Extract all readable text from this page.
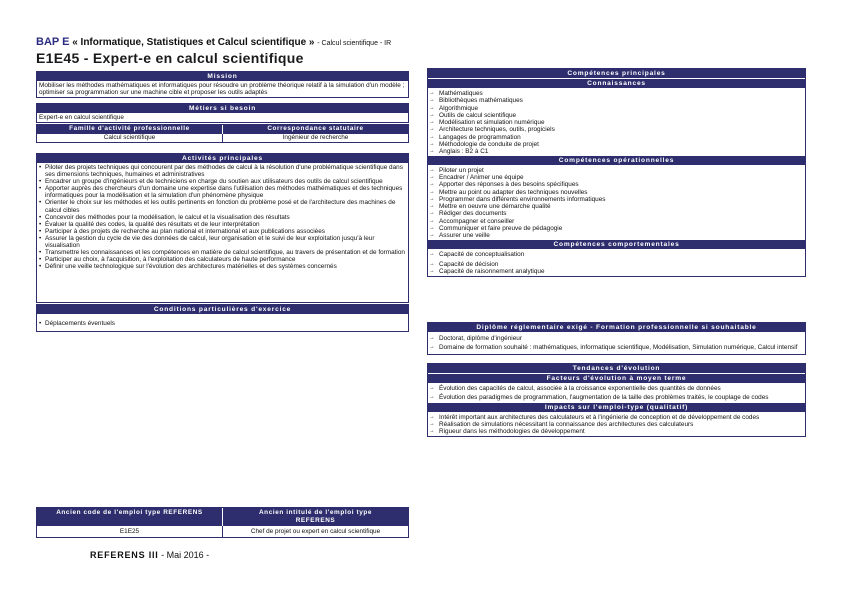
BAP E « Informatique, Statistiques et Calcul scientifique » - Calcul scientifique - IR
E1E45 - Expert-e en calcul scientifique
Mission
Mobiliser les méthodes mathématiques et informatiques pour résoudre un problème théorique relatif à la simulation d'un modèle ; optimiser sa programmation sur une machine cible et proposer les outils adaptés
Métiers si besoin
Expert-e en calcul scientifique
Famille d'activité professionnelle	Correspondance statutaire
Calcul scientifique	Ingénieur de recherche
Activités principales
• Piloter des projets techniques qui concourent par des méthodes de calcul à la résolution d'une problématique scientifique dans ses dimensions techniques, humaines et administratives
• Encadrer un groupe d'ingénieurs et de techniciens en charge du soutien aux utilisateurs des outils de calcul scientifique
• Apporter auprès des chercheurs d'un domaine une expertise dans l'utilisation des méthodes mathématiques et des techniques informatiques pour la modélisation et la simulation d'un phénomène physique
• Orienter le choix sur les méthodes et les outils pertinents en fonction du problème posé et de l'architecture des machines de calcul cibles
• Concevoir des méthodes pour la modélisation, le calcul et la visualisation des résultats
• Évaluer la qualité des codes, la qualité des résultats et de leur interprétation
• Participer à des projets de recherche au plan national et international et aux publications associées
• Assurer la gestion du cycle de vie des données de calcul, leur organisation et le suivi de leur exploitation jusqu'à leur visualisation
• Transmettre les connaissances et les compétences en matière de calcul scientifique, au travers de présentation et de formation
• Participer au choix, à l'acquisition, à l'exploitation des calculateurs de haute performance
• Définir une veille technologique sur l'évolution des architectures matérielles et des systèmes concernés
Conditions particulières d'exercice
• Déplacements éventuels
Ancien code de l'emploi type REFERENS	Ancien intitulé de l'emploi type REFERENS
E1E25	Chef de projet ou expert en calcul scientifique
Compétences principales
Connaissances
→ Mathématiques
→ Bibliothèques mathématiques
→ Algorithmique
→ Outils de calcul scientifique
→ Modélisation et simulation numérique
→ Architecture techniques, outils, progiciels
→ Langages de programmation
→ Méthodologie de conduite de projet
→ Anglais : B2 à C1
Compétences opérationnelles
→ Piloter un projet
→ Encadrer / Animer une équipe
→ Apporter des réponses à des besoins spécifiques
→ Mettre au point ou adapter des techniques nouvelles
→ Programmer dans différents environnements informatiques
→ Mettre en oeuvre une démarche qualité
→ Rédiger des documents
→ Accompagner et conseiller
→ Communiquer et faire preuve de pédagogie
→ Assurer une veille
Compétences comportementales
→ Capacité de conceptualisation
→ Capacité de décision
→ Capacité de raisonnement analytique
Diplôme réglementaire exigé - Formation professionnelle si souhaitable
→ Doctorat, diplôme d'ingénieur
→ Domaine de formation souhaité : mathématiques, informatique scientifique, Modélisation, Simulation numérique, Calcul intensif
Tendances d'évolution
Facteurs d'évolution à moyen terme
→ Évolution des capacités de calcul, associée à la croissance exponentielle des quantités de données
→ Évolution des paradigmes de programmation, l'augmentation de la taille des problèmes traités, le couplage de codes
Impacts sur l'emploi-type (qualitatif)
→ Intérêt important aux architectures des calculateurs et à l'ingénierie de conception et de développement de codes
→ Réalisation de simulations nécessitant la connaissance des architectures des calculateurs
→ Rigueur dans les méthodologies de développement
REFERENS III - Mai 2016 -
